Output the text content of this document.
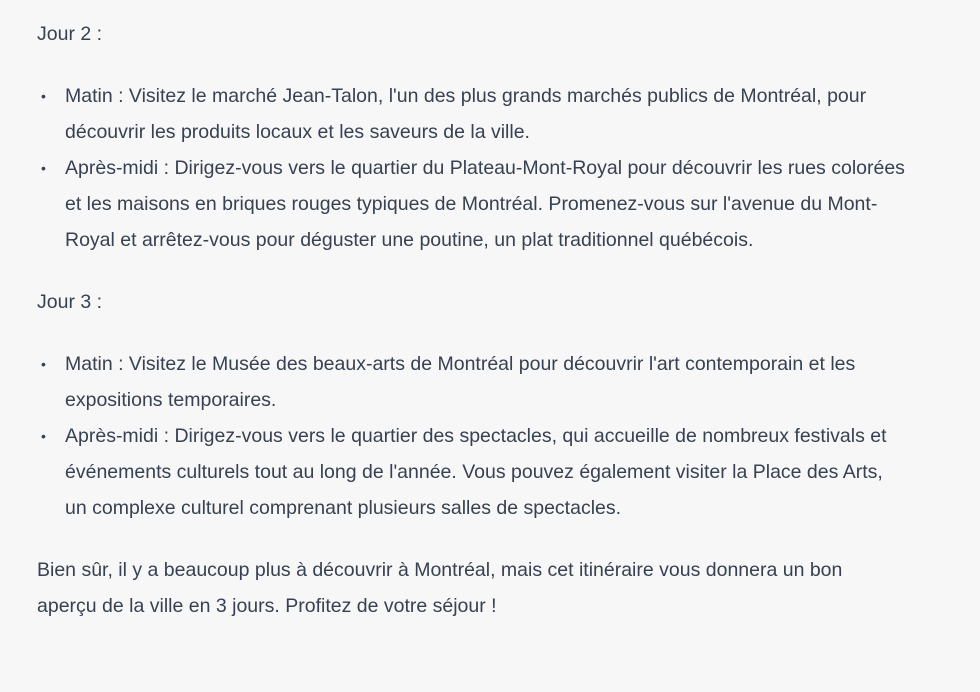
Jour 2 :

• Matin : Visitez le marché Jean-Talon, l'un des plus grands marchés publics de Montréal, pour découvrir les produits locaux et les saveurs de la ville.
• Après-midi : Dirigez-vous vers le quartier du Plateau-Mont-Royal pour découvrir les rues colorées et les maisons en briques rouges typiques de Montréal. Promenez-vous sur l'avenue du Mont-Royal et arrêtez-vous pour déguster une poutine, un plat traditionnel québécois.

Jour 3 :

• Matin : Visitez le Musée des beaux-arts de Montréal pour découvrir l'art contemporain et les expositions temporaires.
• Après-midi : Dirigez-vous vers le quartier des spectacles, qui accueille de nombreux festivals et événements culturels tout au long de l'année. Vous pouvez également visiter la Place des Arts, un complexe culturel comprenant plusieurs salles de spectacles.

Bien sûr, il y a beaucoup plus à découvrir à Montréal, mais cet itinéraire vous donnera un bon aperçu de la ville en 3 jours. Profitez de votre séjour !
